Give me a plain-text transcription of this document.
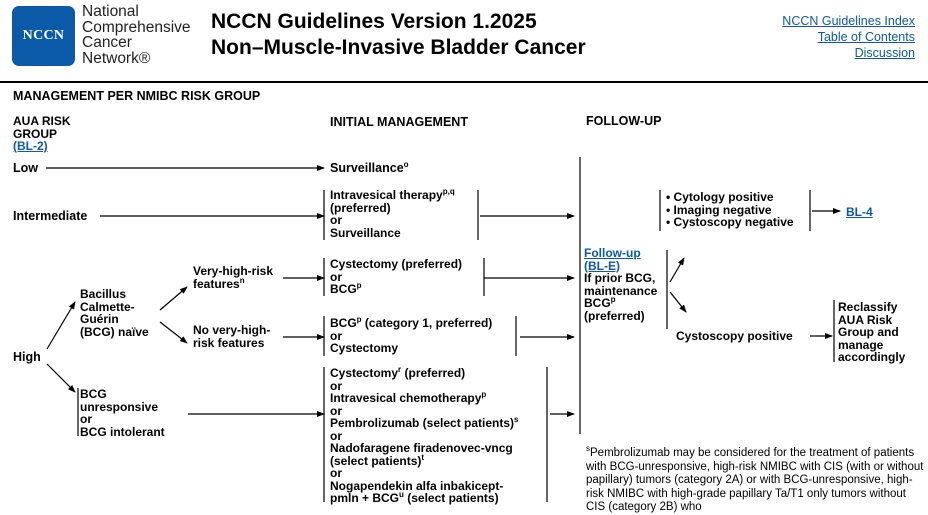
NCCN
National
Comprehensive
Cancer
Network®
NCCN Guidelines Version 1.2025
Non–Muscle-Invasive Bladder Cancer
NCCN Guidelines Index
Table of Contents
Discussion
MANAGEMENT PER NMIBC RISK GROUP
AUA RISK
GROUP
(BL-2)
INITIAL MANAGEMENT	FOLLOW-UP
Low
Intermediate
High
Surveillance$^o$
Intravesical therapy$^{p,q}$
(preferred)
or
Surveillance
Bacillus
Calmette-
Guérin
(BCG) naïve
Very-high-risk
features$^n$
No very-high-
risk features
Cystectomy (preferred)
or
BCG$^p$
BCG$^p$ (category 1, preferred)
or
Cystectomy
BCG
unresponsive
or
BCG intolerant
Cystectomy$^r$ (preferred)
or
Intravesical chemotherapy$^p$
or
Pembrolizumab (select patients)$^s$
or
Nadofaragene firadenovec-vncg
(select patients)$^t$
or
Nogapendekin alfa inbakicept-
$pmln + BCG^u$ (select patients)
Follow-up
(BL-E)
If prior BCG,
maintenance
BCG$^p$
(preferred)
• Cytology positive
• Imaging negative
• Cystoscopy negative
BL-4
Cystoscopy positive
Reclassify
AUA Risk
Group and
manage
accordingly
$^s$Pembrolizumab may be considered for the treatment of patients with BCG-unresponsive, high-risk NMIBC with CIS (with or without papillary) tumors (category 2A) or with BCG-unresponsive, high-risk NMIBC with high-grade papillary Ta/T1 only tumors without CIS (category 2B) who
